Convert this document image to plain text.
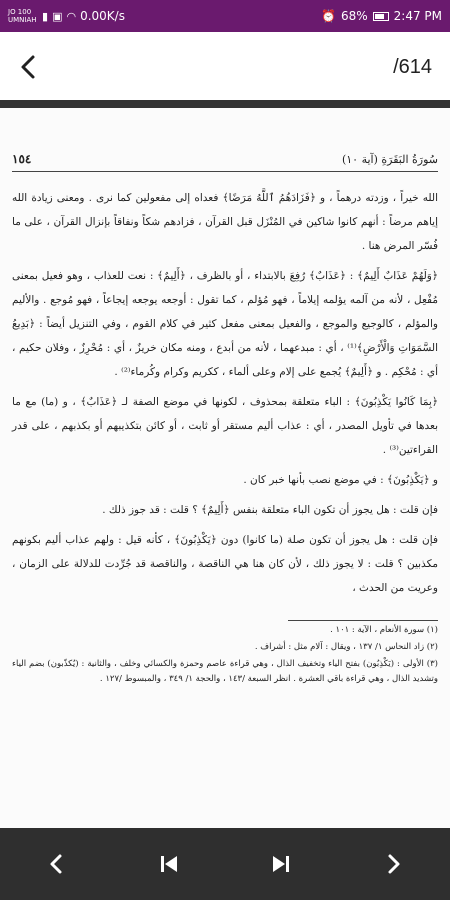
JO 100
UMNIAH ▮ ▣ ◠ 0.00K/s	⏰ 68% 2:47 PM
/614
سُورَةُ البَقَرَةِ (آية ١٠)
١٥٤

الله خيراً ، وزدته درهماً ، و ﴿فَزَادَهُمُ ٱللَّهُ مَرَضًا﴾ فعداه إلى مفعولين كما نرى . ومعنى زيادة الله إياهم مرضاً : أنهم كانوا شاكين في المُنْزَل قبل القرآن ، فزادهم شكاً ونفاقاً بإنزال القرآن ، على ما فُسّر المرض هنا .

﴿وَلَهُمْ عَذَابٌ أَلِيمٌ﴾ : ﴿عَذَابٌ﴾ رُفِعَ بالابتداء ، أو بالظرف ، ﴿أَلِيمٌ﴾ : نعت للعذاب ، وهو فعيل بمعنى مُفْعِل ، لأنه من آلمه يؤلمه إيلاماً ، فهو مُؤلم ، كما تقول : أوجعه يوجعه إيجاعاً ، فهو مُوجع . والأليم والمؤلم ، كالوجيع والموجع ، والفعيل بمعنى مفعل كثير في كلام القوم ، وفي التنزيل أيضاً : ﴿بَدِيعُ السَّمَوَاتِ وَالْأَرْضِ﴾⁽¹⁾ ، أي : مبدعهما ، لأنه من أبدع ، ومنه مكان خريزٌ ، أي : مُحْرِزٌ ، وفلان حكيم ، أي : مُحْكِم . و ﴿أَلِيمٌ﴾ يُجمع على إلام وعلى ألماء ، ككريم وكرام وكُرماء⁽²⁾ .

﴿بِمَا كَانُوا يَكْذِبُونَ﴾ : الباء متعلقة بمحذوف ، لكونها في موضع الصفة لـ ﴿عَذَابٌ﴾ ، و (ما) مع ما بعدها في تأويل المصدر ، أي : عذاب أليم مستقر أو ثابت ، أو كائن بتكذيبهم أو بكذبهم ، على قدر القراءتين⁽³⁾ .

و ﴿يَكْذِبُونَ﴾ : في موضع نصب بأنها خبر كان .

فإن قلت : هل يجوز أن تكون الباء متعلقة بنفس ﴿أَلِيمٌ﴾ ؟ قلت : قد جوز ذلك .

فإن قلت : هل يجوز أن تكون صلة (ما كانوا) دون ﴿يَكْذِبُونَ﴾ ، كأنه قيل : ولهم عذاب أليم بكونهم مكذبين ؟ قلت : لا يجوز ذلك ، لأن كان هنا هي الناقصة ، والناقصة قد جُرِّدت للدلالة على الزمان ، وعريت من الحدث ،

(١) سورة الأنعام ، الآية : ١٠١ .

(٢) زاد النحاس ١/ ١٣٧ ، ويقال : آلام مثل : أشراف .

(٣) الأولى : (يَكْذِبُون) بفتح الياء وتخفيف الذال ، وهي قراءة عاصم وحمزة والكسائي وخلف ، والثانية : (يُكذّبون) بضم الياء وتشديد الذال ، وهي قراءة باقي العشرة . انظر السبعة /١٤٣ ، والحجة ١/ ٣٤٩ ، والمبسوط /١٢٧ .
